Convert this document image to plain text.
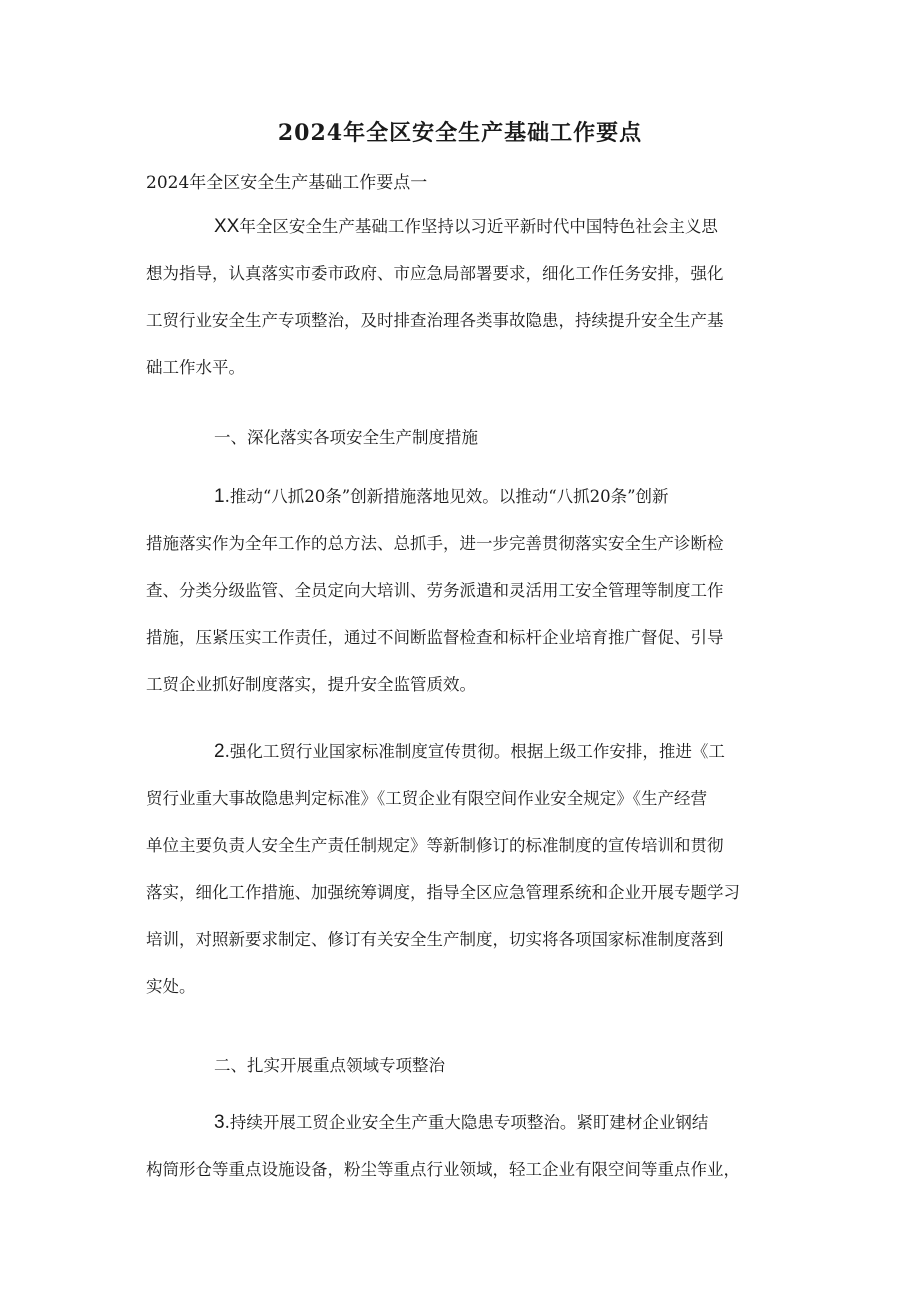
2024年全区安全生产基础工作要点
2024年全区安全生产基础工作要点一
XX年全区安全生产基础工作坚持以习近平新时代中国特色社会主义思
想为指导，认真落实市委市政府、市应急局部署要求，细化工作任务安排，强化
工贸行业安全生产专项整治，及时排查治理各类事故隐患，持续提升安全生产基
础工作水平。
一、深化落实各项安全生产制度措施
1.推动“八抓20条”创新措施落地见效。以推动“八抓20条”创新
措施落实作为全年工作的总方法、总抓手，进一步完善贯彻落实安全生产诊断检
查、分类分级监管、全员定向大培训、劳务派遣和灵活用工安全管理等制度工作
措施，压紧压实工作责任，通过不间断监督检查和标杆企业培育推广督促、引导
工贸企业抓好制度落实，提升安全监管质效。
2.强化工贸行业国家标准制度宣传贯彻。根据上级工作安排，推进《工
贸行业重大事故隐患判定标准》《工贸企业有限空间作业安全规定》《生产经营
单位主要负责人安全生产责任制规定》等新制修订的标准制度的宣传培训和贯彻
落实，细化工作措施、加强统筹调度，指导全区应急管理系统和企业开展专题学习
培训，对照新要求制定、修订有关安全生产制度，切实将各项国家标准制度落到
实处。
二、扎实开展重点领域专项整治
3.持续开展工贸企业安全生产重大隐患专项整治。紧盯建材企业钢结
构筒形仓等重点设施设备，粉尘等重点行业领域，轻工企业有限空间等重点作业，
